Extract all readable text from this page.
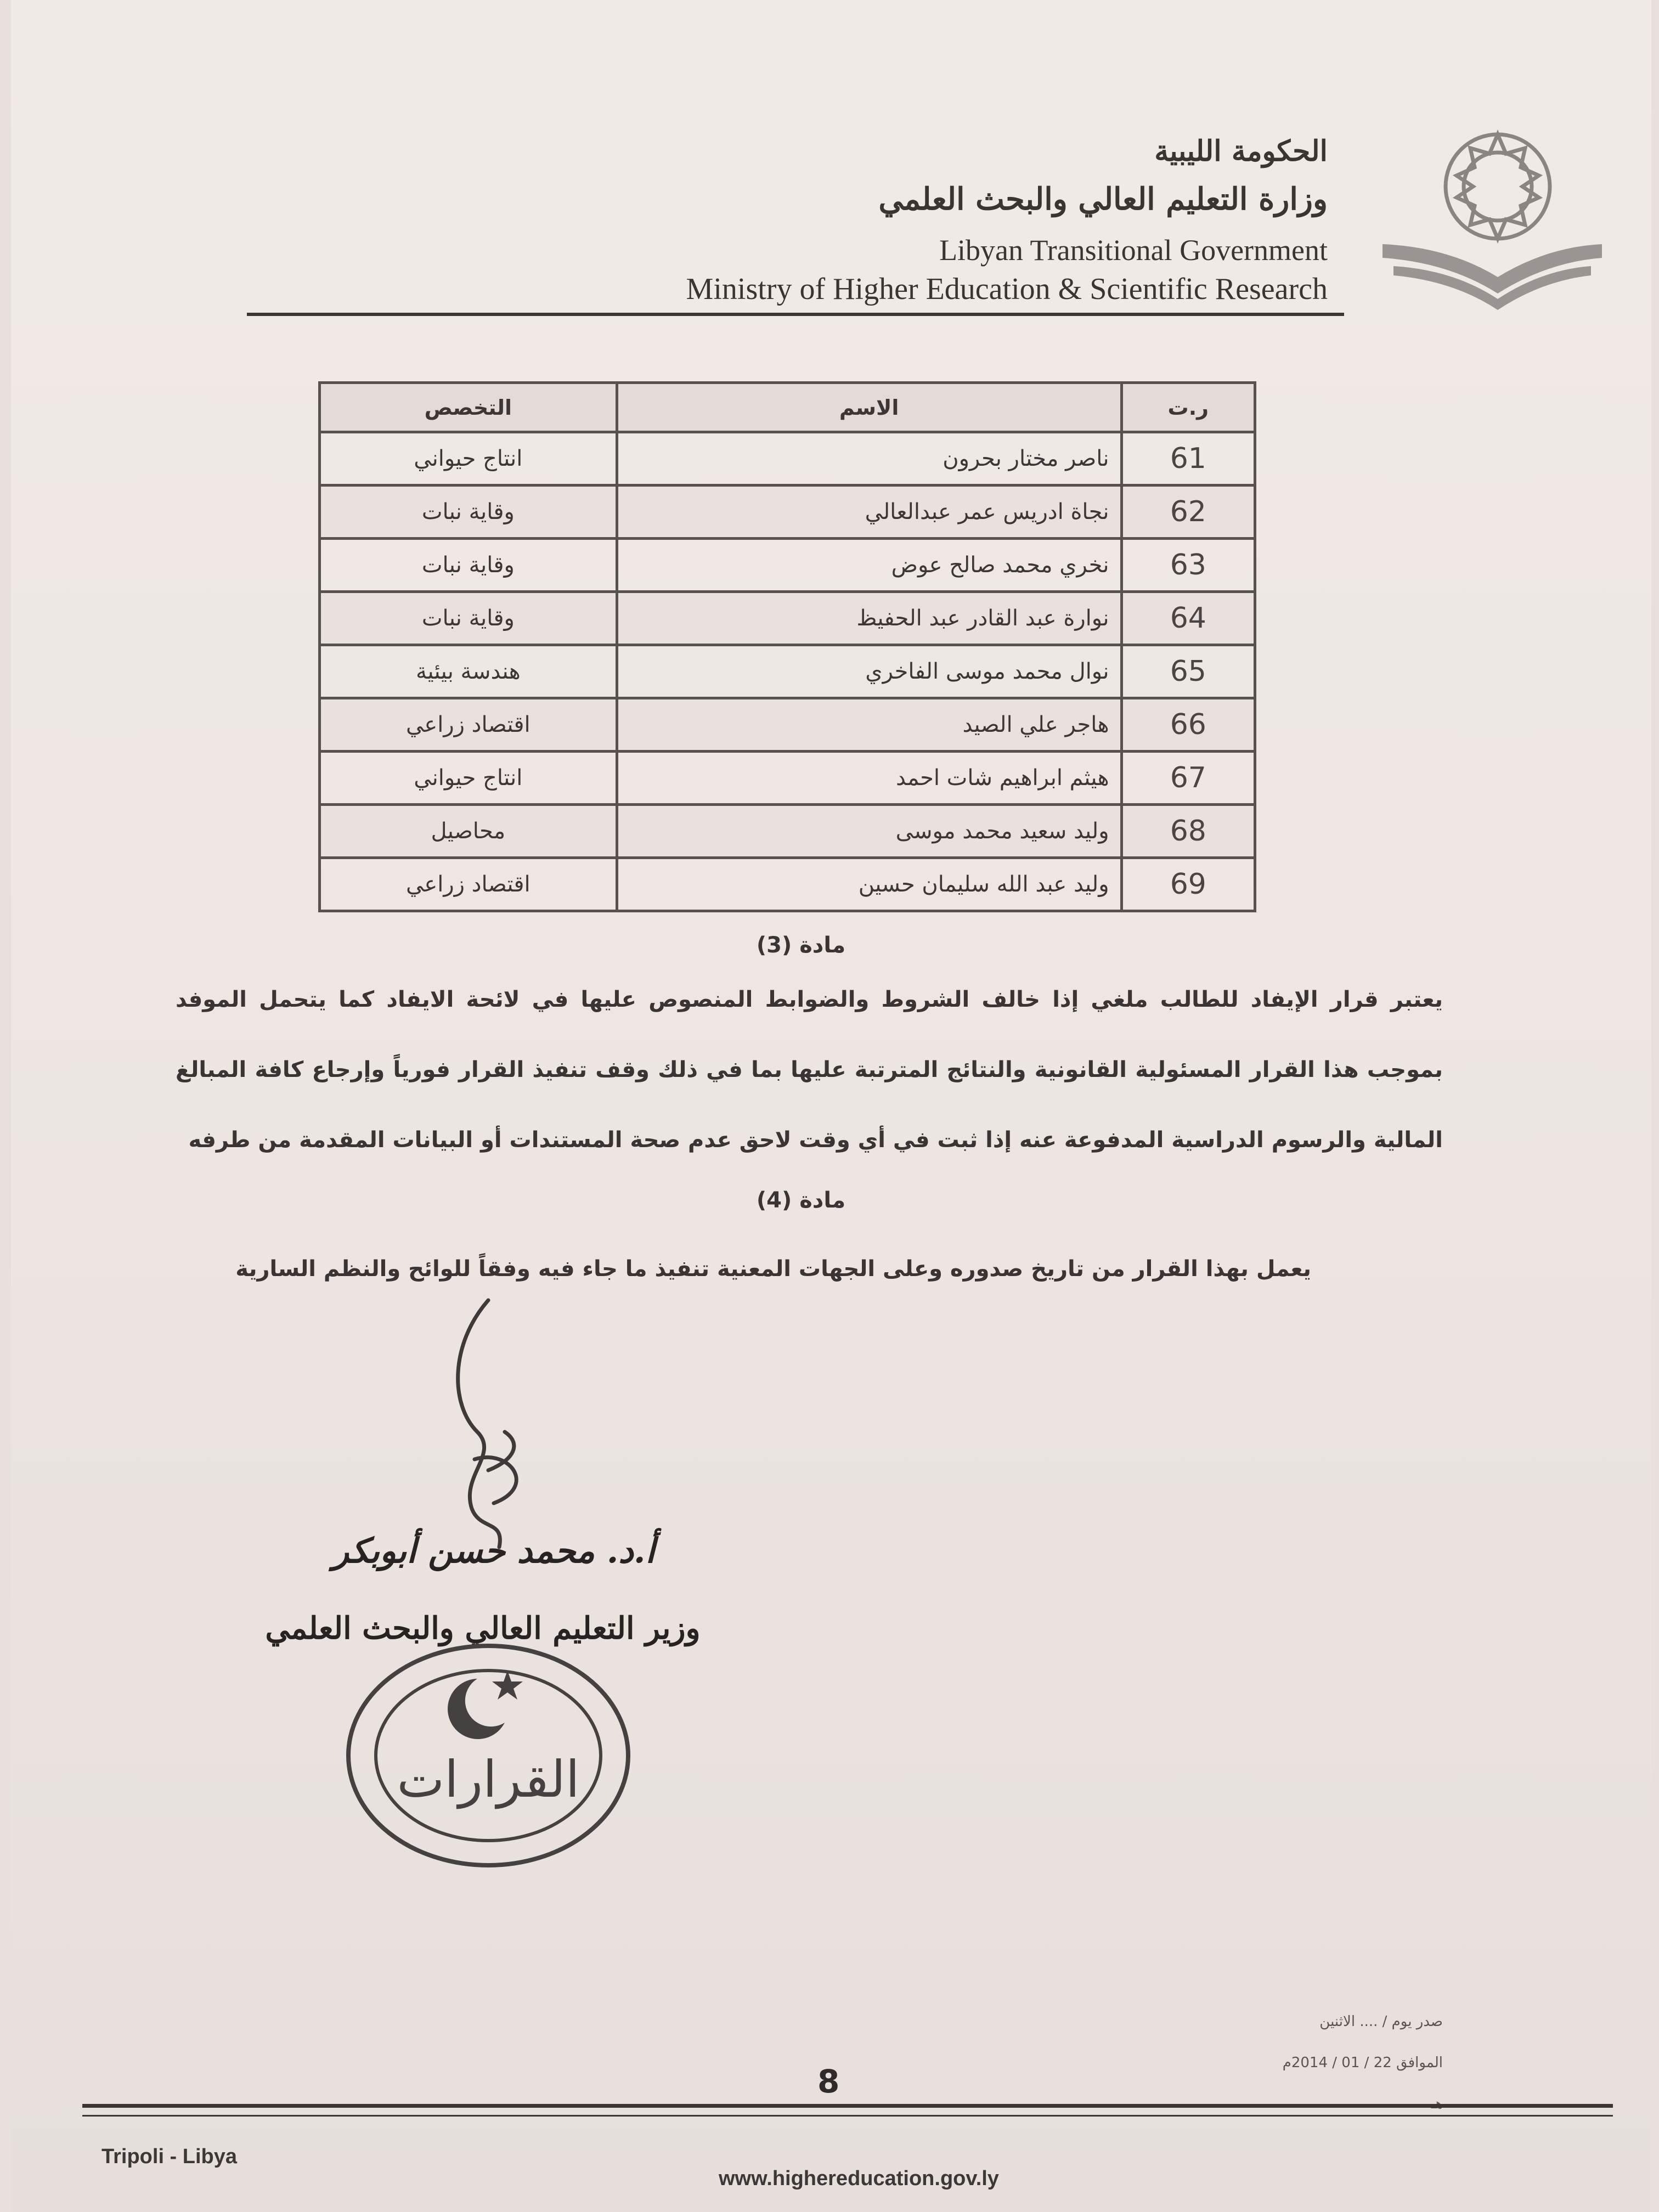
الحكومة الليبية
وزارة التعليم العالي والبحث العلمي
Libyan Transitional Government
Ministry of Higher Education & Scientific Research
ر.ت	الاسم	التخصص
61	ناصر مختار بحرون	انتاج حيواني
62	نجاة ادريس عمر عبدالعالي	وقاية نبات
63	نخري محمد صالح عوض	وقاية نبات
64	نوارة عبد القادر عبد الحفيظ	وقاية نبات
65	نوال محمد موسى الفاخري	هندسة بيئية
66	هاجر علي الصيد	اقتصاد زراعي
67	هيثم ابراهيم شات احمد	انتاج حيواني
68	وليد سعيد محمد موسى	محاصيل
69	وليد عبد الله سليمان حسين	اقتصاد زراعي
مادة (3)
يعتبر قرار الإيفاد للطالب ملغي إذا خالف الشروط والضوابط المنصوص عليها في لائحة الايفاد كما يتحمل الموفد بموجب هذا القرار المسئولية القانونية والنتائج المترتبة عليها بما في ذلك وقف تنفيذ القرار فورياً وإرجاع كافة المبالغ المالية والرسوم الدراسية المدفوعة عنه إذا ثبت في أي وقت لاحق عدم صحة المستندات أو البيانات المقدمة من طرفه
مادة (4)
يعمل بهذا القرار من تاريخ صدوره وعلى الجهات المعنية تنفيذ ما جاء فيه وفقاً للوائح والنظم السارية
أ.د. محمد حسن أبوبكر
وزير التعليم العالي والبحث العلمي
القرارات
صدر يوم / .... الاثنين
الموافق 22 / 01 / 2014م
8
Tripoli - Libya
www.highereducation.gov.ly
